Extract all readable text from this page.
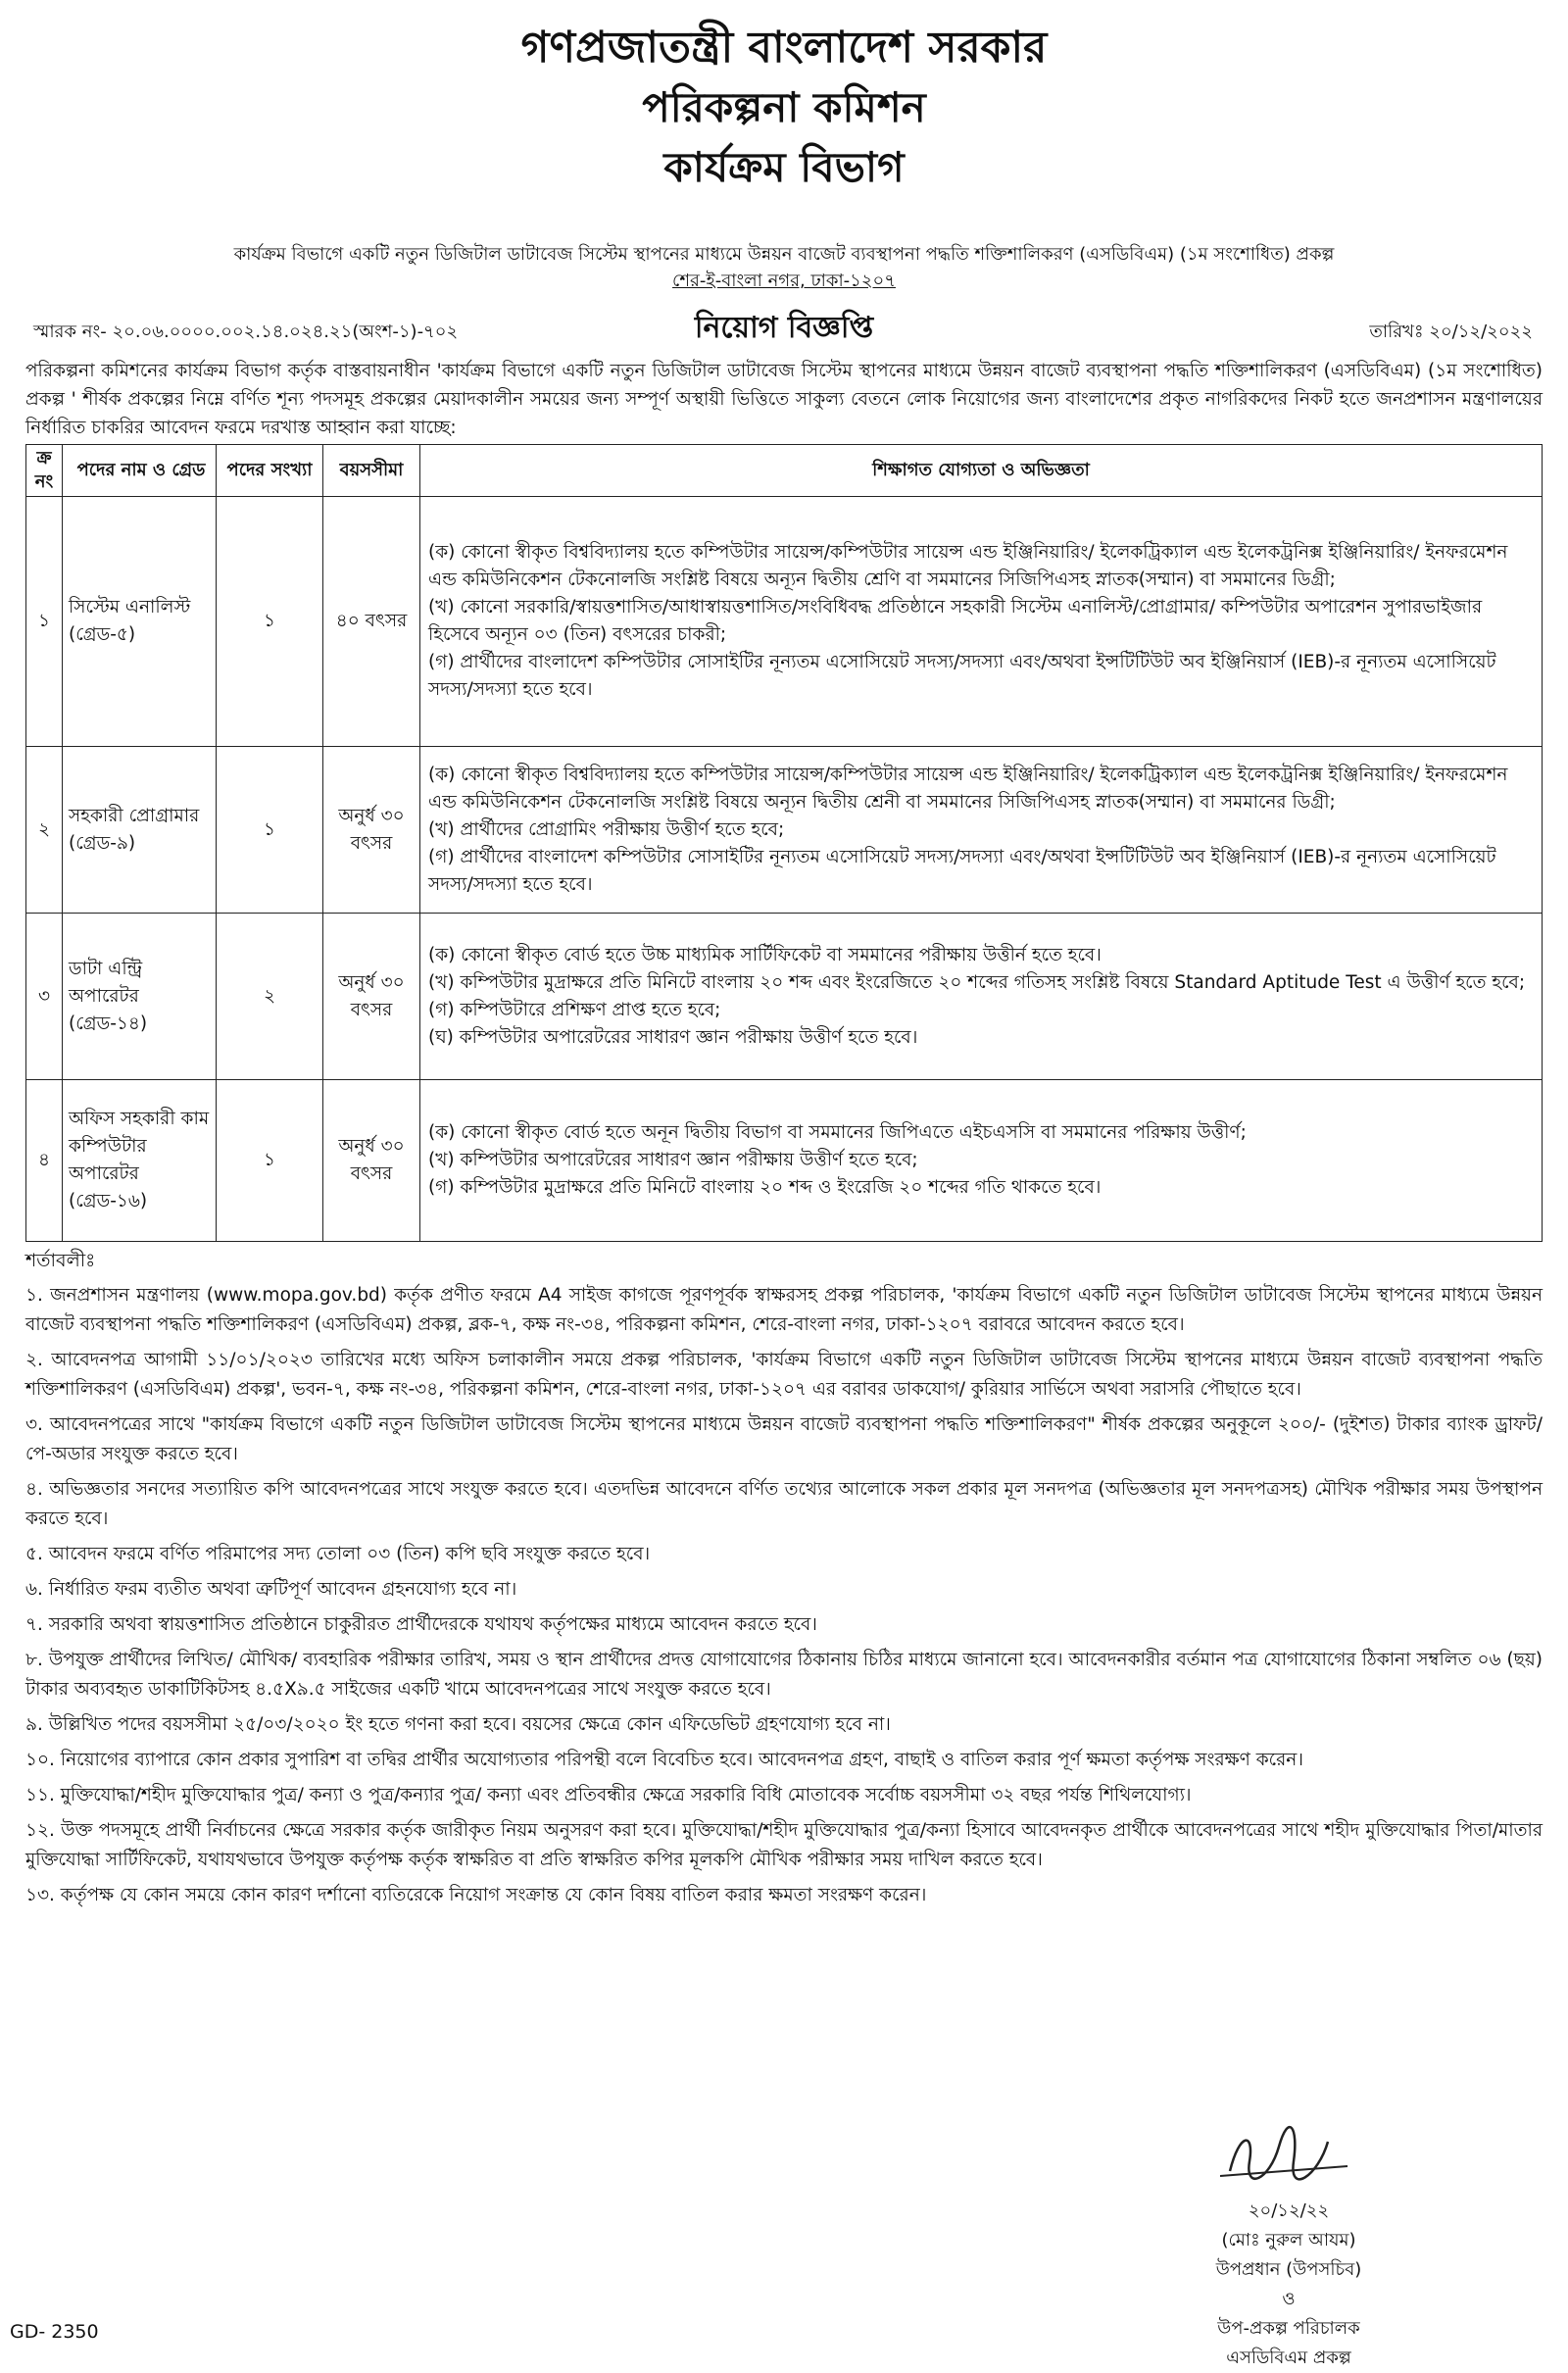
গণপ্রজাতন্ত্রী বাংলাদেশ সরকার
পরিকল্পনা কমিশন
কার্যক্রম বিভাগ
কার্যক্রম বিভাগে একটি নতুন ডিজিটাল ডাটাবেজ সিস্টেম স্থাপনের মাধ্যমে উন্নয়ন বাজেট ব্যবস্থাপনা পদ্ধতি শক্তিশালিকরণ (এসডিবিএম) (১ম সংশোধিত) প্রকল্প
শের-ই-বাংলা নগর, ঢাকা-১২০৭
নিয়োগ বিজ্ঞপ্তি
স্মারক নং- ২০.০৬.০০০০.০০২.১৪.০২৪.২১(অংশ-১)-৭০২	তারিখঃ ২০/১২/২০২২
পরিকল্পনা কমিশনের কার্যক্রম বিভাগ কর্তৃক বাস্তবায়নাধীন 'কার্যক্রম বিভাগে একটি নতুন ডিজিটাল ডাটাবেজ সিস্টেম স্থাপনের মাধ্যমে উন্নয়ন বাজেট ব্যবস্থাপনা পদ্ধতি শক্তিশালিকরণ (এসডিবিএম) (১ম সংশোধিত) প্রকল্প ' শীর্ষক প্রকল্পের নিম্নে বর্ণিত শূন্য পদসমূহ প্রকল্পের মেয়াদকালীন সময়ের জন্য সম্পূর্ণ অস্থায়ী ভিত্তিতে সাকুল্য বেতনে লোক নিয়োগের জন্য বাংলাদেশের প্রকৃত নাগরিকদের নিকট হতে জনপ্রশাসন মন্ত্রণালয়ের নির্ধারিত চাকরির আবেদন ফরমে দরখাস্ত আহ্বান করা যাচ্ছে:
ক্র নং	পদের নাম ও গ্রেড	পদের সংখ্যা	বয়সসীমা	শিক্ষাগত যোগ্যতা ও অভিজ্ঞতা
১	সিস্টেম এনালিস্ট (গ্রেড-৫)	১	৪০ বৎসর	(ক) কোনো স্বীকৃত বিশ্ববিদ্যালয় হতে কম্পিউটার সায়েন্স/কম্পিউটার সায়েন্স এন্ড ইঞ্জিনিয়ারিং/ ইলেকট্রিক্যাল এন্ড ইলেকট্রনিক্স ইঞ্জিনিয়ারিং/ ইনফরমেশন এন্ড কমিউনিকেশন টেকনোলজি সংশ্লিষ্ট বিষয়ে অন্যূন দ্বিতীয় শ্রেণি বা সমমানের সিজিপিএসহ স্নাতক(সম্মান) বা সমমানের ডিগ্রী;
(খ) কোনো সরকারি/স্বায়ত্তশাসিত/আধাস্বায়ত্তশাসিত/সংবিধিবদ্ধ প্রতিষ্ঠানে সহকারী সিস্টেম এনালিস্ট/প্রোগ্রামার/ কম্পিউটার অপারেশন সুপারভাইজার হিসেবে অন্যূন ০৩ (তিন) বৎসরের চাকরী;
(গ) প্রার্থীদের বাংলাদেশ কম্পিউটার সোসাইটির নূন্যতম এসোসিয়েট সদস্য/সদস্যা এবং/অথবা ইন্সটিটিউট অব ইঞ্জিনিয়ার্স (IEB)-র নূন্যতম এসোসিয়েট সদস্য/সদস্যা হতে হবে।

২	সহকারী প্রোগ্রামার (গ্রেড-৯)	১	অনুর্ধ ৩০ বৎসর	(ক) কোনো স্বীকৃত বিশ্ববিদ্যালয় হতে কম্পিউটার সায়েন্স/কম্পিউটার সায়েন্স এন্ড ইঞ্জিনিয়ারিং/ ইলেকট্রিক্যাল এন্ড ইলেকট্রনিক্স ইঞ্জিনিয়ারিং/ ইনফরমেশন এন্ড কমিউনিকেশন টেকনোলজি সংশ্লিষ্ট বিষয়ে অন্যূন দ্বিতীয় শ্রেনী বা সমমানের সিজিপিএসহ স্নাতক(সম্মান) বা সমমানের ডিগ্রী;
(খ) প্রার্থীদের প্রোগ্রামিং পরীক্ষায় উত্তীর্ণ হতে হবে;
(গ) প্রার্থীদের বাংলাদেশ কম্পিউটার সোসাইটির নূন্যতম এসোসিয়েট সদস্য/সদস্যা এবং/অথবা ইন্সটিটিউট অব ইঞ্জিনিয়ার্স (IEB)-র নূন্যতম এসোসিয়েট সদস্য/সদস্যা হতে হবে।

৩	ডাটা এন্ট্রি অপারেটর (গ্রেড-১৪)	২	অনুর্ধ ৩০ বৎসর	(ক) কোনো স্বীকৃত বোর্ড হতে উচ্চ মাধ্যমিক সার্টিফিকেট বা সমমানের পরীক্ষায় উত্তীর্ন হতে হবে।
(খ) কম্পিউটার মুদ্রাক্ষরে প্রতি মিনিটে বাংলায় ২০ শব্দ এবং ইংরেজিতে ২০ শব্দের গতিসহ সংশ্লিষ্ট বিষয়ে Standard Aptitude Test এ উত্তীর্ণ হতে হবে;
(গ) কম্পিউটারে প্রশিক্ষণ প্রাপ্ত হতে হবে;
(ঘ) কম্পিউটার অপারেটরের সাধারণ জ্ঞান পরীক্ষায় উত্তীর্ণ হতে হবে।

৪	অফিস সহকারী কাম কম্পিউটার অপারেটর (গ্রেড-১৬)	১	অনুর্ধ ৩০ বৎসর	(ক) কোনো স্বীকৃত বোর্ড হতে অনূন দ্বিতীয় বিভাগ বা সমমানের জিপিএতে এইচএসসি বা সমমানের পরিক্ষায় উত্তীর্ণ;
(খ) কম্পিউটার অপারেটরের সাধারণ জ্ঞান পরীক্ষায় উত্তীর্ণ হতে হবে;
(গ) কম্পিউটার মুদ্রাক্ষরে প্রতি মিনিটে বাংলায় ২০ শব্দ ও ইংরেজি ২০ শব্দের গতি থাকতে হবে।
শর্তাবলীঃ
১. জনপ্রশাসন মন্ত্রণালয় (www.mopa.gov.bd) কর্তৃক প্রণীত ফরমে A4 সাইজ কাগজে পূরণপূর্বক স্বাক্ষরসহ প্রকল্প পরিচালক, 'কার্যক্রম বিভাগে একটি নতুন ডিজিটাল ডাটাবেজ সিস্টেম স্থাপনের মাধ্যমে উন্নয়ন বাজেট ব্যবস্থাপনা পদ্ধতি শক্তিশালিকরণ (এসডিবিএম) প্রকল্প, ব্লক-৭, কক্ষ নং-৩৪, পরিকল্পনা কমিশন, শেরে-বাংলা নগর, ঢাকা-১২০৭ বরাবরে আবেদন করতে হবে।
২. আবেদনপত্র আগামী ১১/০১/২০২৩ তারিখের মধ্যে অফিস চলাকালীন সময়ে প্রকল্প পরিচালক, 'কার্যক্রম বিভাগে একটি নতুন ডিজিটাল ডাটাবেজ সিস্টেম স্থাপনের মাধ্যমে উন্নয়ন বাজেট ব্যবস্থাপনা পদ্ধতি শক্তিশালিকরণ (এসডিবিএম) প্রকল্প', ভবন-৭, কক্ষ নং-৩৪, পরিকল্পনা কমিশন, শেরে-বাংলা নগর, ঢাকা-১২০৭ এর বরাবর ডাকযোগ/ কুরিয়ার সার্ভিসে অথবা সরাসরি পৌছাতে হবে।
৩. আবেদনপত্রের সাথে "কার্যক্রম বিভাগে একটি নতুন ডিজিটাল ডাটাবেজ সিস্টেম স্থাপনের মাধ্যমে উন্নয়ন বাজেট ব্যবস্থাপনা পদ্ধতি শক্তিশালিকরণ" শীর্ষক প্রকল্পের অনুকূলে ২০০/- (দুইশত) টাকার ব্যাংক ড্রাফট/ পে-অডার সংযুক্ত করতে হবে।
৪. অভিজ্ঞতার সনদের সত্যায়িত কপি আবেদনপত্রের সাথে সংযুক্ত করতে হবে। এতদভিন্ন আবেদনে বর্ণিত তথ্যের আলোকে সকল প্রকার মূল সনদপত্র (অভিজ্ঞতার মূল সনদপত্রসহ) মৌখিক পরীক্ষার সময় উপস্থাপন করতে হবে।
৫. আবেদন ফরমে বর্ণিত পরিমাপের সদ্য তোলা ০৩ (তিন) কপি ছবি সংযুক্ত করতে হবে।
৬. নির্ধারিত ফরম ব্যতীত অথবা ত্রুটিপূর্ণ আবেদন গ্রহনযোগ্য হবে না।
৭. সরকারি অথবা স্বায়ত্তশাসিত প্রতিষ্ঠানে চাকুরীরত প্রার্থীদেরকে যথাযথ কর্তৃপক্ষের মাধ্যমে আবেদন করতে হবে।
৮. উপযুক্ত প্রার্থীদের লিখিত/ মৌখিক/ ব্যবহারিক পরীক্ষার তারিখ, সময় ও স্থান প্রার্থীদের প্রদত্ত যোগাযোগের ঠিকানায় চিঠির মাধ্যমে জানানো হবে। আবেদনকারীর বর্তমান পত্র যোগাযোগের ঠিকানা সম্বলিত ০৬ (ছয়) টাকার অব্যবহৃত ডাকাটিকিটসহ ৪.৫X৯.৫ সাইজের একটি খামে আবেদনপত্রের সাথে সংযুক্ত করতে হবে।
৯. উল্লিখিত পদের বয়সসীমা ২৫/০৩/২০২০ ইং হতে গণনা করা হবে। বয়সের ক্ষেত্রে কোন এফিডেভিট গ্রহণযোগ্য হবে না।
১০. নিয়োগের ব্যাপারে কোন প্রকার সুপারিশ বা তদ্বির প্রার্থীর অযোগ্যতার পরিপন্থী বলে বিবেচিত হবে। আবেদনপত্র গ্রহণ, বাছাই ও বাতিল করার পূর্ণ ক্ষমতা কর্তৃপক্ষ সংরক্ষণ করেন।
১১. মুক্তিযোদ্ধা/শহীদ মুক্তিযোদ্ধার পুত্র/ কন্যা ও পুত্র/কন্যার পুত্র/ কন্যা এবং প্রতিবন্ধীর ক্ষেত্রে সরকারি বিধি মোতাবেক সর্বোচ্চ বয়সসীমা ৩২ বছর পর্যন্ত শিথিলযোগ্য।
১২. উক্ত পদসমূহে প্রার্থী নির্বাচনের ক্ষেত্রে সরকার কর্তৃক জারীকৃত নিয়ম অনুসরণ করা হবে। মুক্তিযোদ্ধা/শহীদ মুক্তিযোদ্ধার পুত্র/কন্যা হিসাবে আবেদনকৃত প্রার্থীকে আবেদনপত্রের সাথে শহীদ মুক্তিযোদ্ধার পিতা/মাতার মুক্তিযোদ্ধা সার্টিফিকেট, যথাযথভাবে উপযুক্ত কর্তৃপক্ষ কর্তৃক স্বাক্ষরিত বা প্রতি স্বাক্ষরিত কপির মূলকপি মৌখিক পরীক্ষার সময় দাখিল করতে হবে।
১৩. কর্তৃপক্ষ যে কোন সময়ে কোন কারণ দর্শানো ব্যতিরেকে নিয়োগ সংক্রান্ত যে কোন বিষয় বাতিল করার ক্ষমতা সংরক্ষণ করেন।
২০/১২/২২
(মোঃ নুরুল আযম)
উপপ্রধান (উপসচিব)
ও
উপ-প্রকল্প পরিচালক
এসডিবিএম প্রকল্প
GD- 2350
